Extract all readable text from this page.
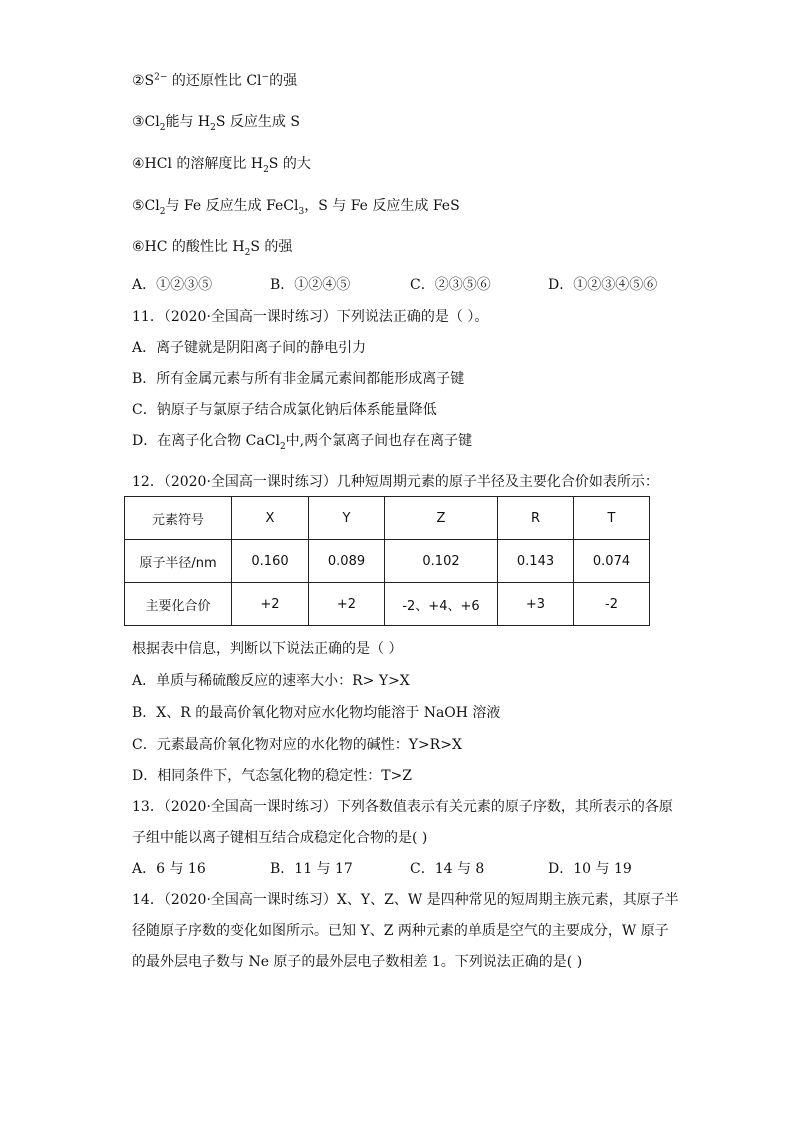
$②S^{2-}$ 的还原性比 Cl−的强
$③Cl_2$能与 $H_2S$ 反应生成 S
④HCl 的溶解度比 $H_2S$ 的大
$⑤Cl_2$与 Fe 反应生成 FeCl$_3$，S 与 Fe 反应生成 FeS
⑥HC 的酸性比 $H_2S$ 的强
A．①②③⑤	B．①②④⑤	C．②③⑤⑥	D．①②③④⑤⑥
11．（2020·全国高一课时练习）下列说法正确的是（ ）。
A．离子键就是阴阳离子间的静电引力
B．所有金属元素与所有非金属元素间都能形成离子键
C．钠原子与氯原子结合成氯化钠后体系能量降低
D．在离子化合物 CaCl$_2$中,两个氯离子间也存在离子键
12．（2020·全国高一课时练习）几种短周期元素的原子半径及主要化合价如表所示：
元素符号	X	Y	Z	R	T
原子半径/nm	0.160	0.089	0.102	0.143	0.074
主要化合价	+2	+2	-2、+4、+6	+3	-2
根据表中信息，判断以下说法正确的是（ ）
A．单质与稀硫酸反应的速率大小：R> Y>X
B．X、R 的最高价氧化物对应水化物均能溶于 NaOH 溶液
C．元素最高价氧化物对应的水化物的碱性：Y>R>X
D．相同条件下，气态氢化物的稳定性：T>Z
13．（2020·全国高一课时练习）下列各数值表示有关元素的原子序数，其所表示的各原
子组中能以离子键相互结合成稳定化合物的是( )
A．6 与 16	B．11 与 17	C．14 与 8	D．10 与 19
14．（2020·全国高一课时练习）X、Y、Z、W 是四种常见的短周期主族元素，其原子半
径随原子序数的变化如图所示。已知 Y、Z 两种元素的单质是空气的主要成分，W 原子
的最外层电子数与 Ne 原子的最外层电子数相差 1。下列说法正确的是( )
